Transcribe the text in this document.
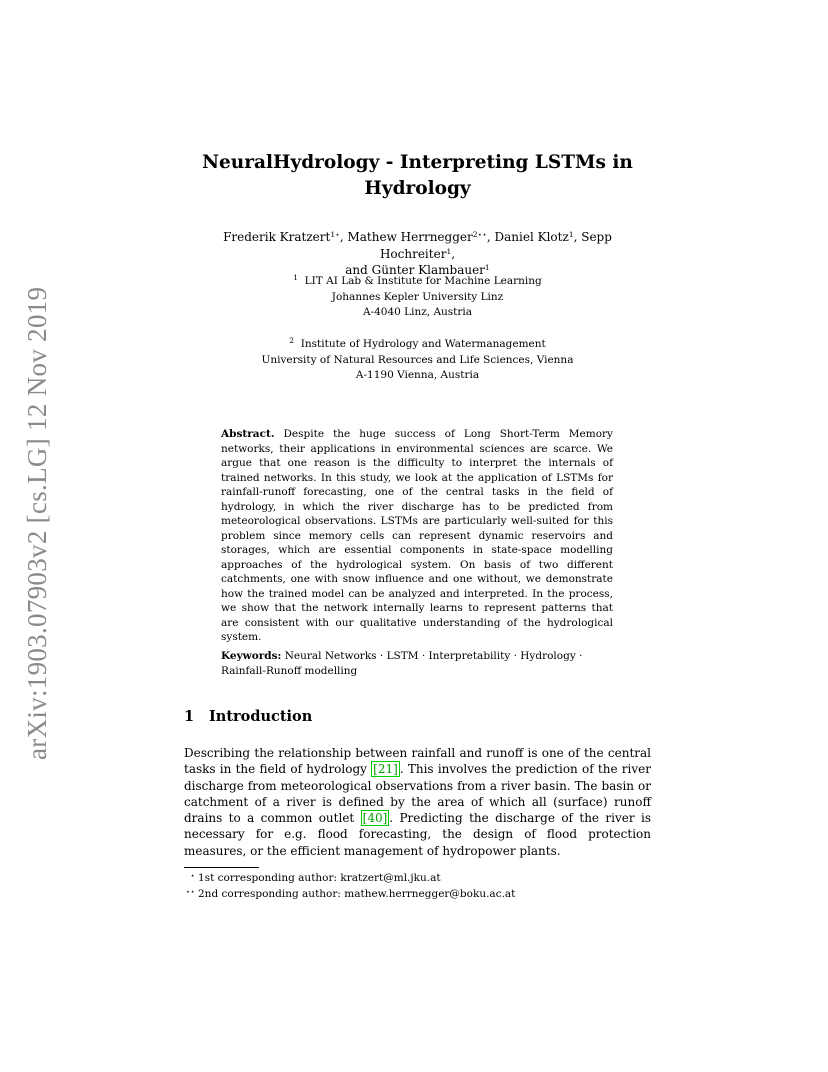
arXiv:1903.07903v2 [cs.LG] 12 Nov 2019
NeuralHydrology - Interpreting LSTMs in
Hydrology
Frederik Kratzert$^{1⋆}$, Mathew Herrnegger$^{2⋆⋆}$, Daniel Klotz$^1$, Sepp Hochreiter$^1$,
and Günter Klambauer$^1$
$^1$ LIT AI Lab & Institute for Machine Learning
Johannes Kepler University Linz
A-4040 Linz, Austria
$^2$ Institute of Hydrology and Watermanagement
University of Natural Resources and Life Sciences, Vienna
A-1190 Vienna, Austria
Abstract. Despite the huge success of Long Short-Term Memory networks, their applications in environmental sciences are scarce. We argue that one reason is the difficulty to interpret the internals of trained networks. In this study, we look at the application of LSTMs for rainfall-runoff forecasting, one of the central tasks in the field of hydrology, in which the river discharge has to be predicted from meteorological observations. LSTMs are particularly well-suited for this problem since memory cells can represent dynamic reservoirs and storages, which are essential components in state-space modelling approaches of the hydrological system. On basis of two different catchments, one with snow influence and one without, we demonstrate how the trained model can be analyzed and interpreted. In the process, we show that the network internally learns to represent patterns that are consistent with our qualitative understanding of the hydrological system.
Keywords: Neural Networks · LSTM · Interpretability · Hydrology · Rainfall-Runoff modelling
1 Introduction
Describing the relationship between rainfall and runoff is one of the central tasks in the field of hydrology [21] . This involves the prediction of the river discharge from meteorological observations from a river basin. The basin or catchment of a river is defined by the area of which all (surface) runoff drains to a common outlet [40] . Predicting the discharge of the river is necessary for e.g. flood forecasting, the design of flood protection measures, or the efficient management of hydropower plants.
⋆ 1st corresponding author: kratzert@ml.jku.at
⋆⋆ 2nd corresponding author: mathew.herrnegger@boku.ac.at
